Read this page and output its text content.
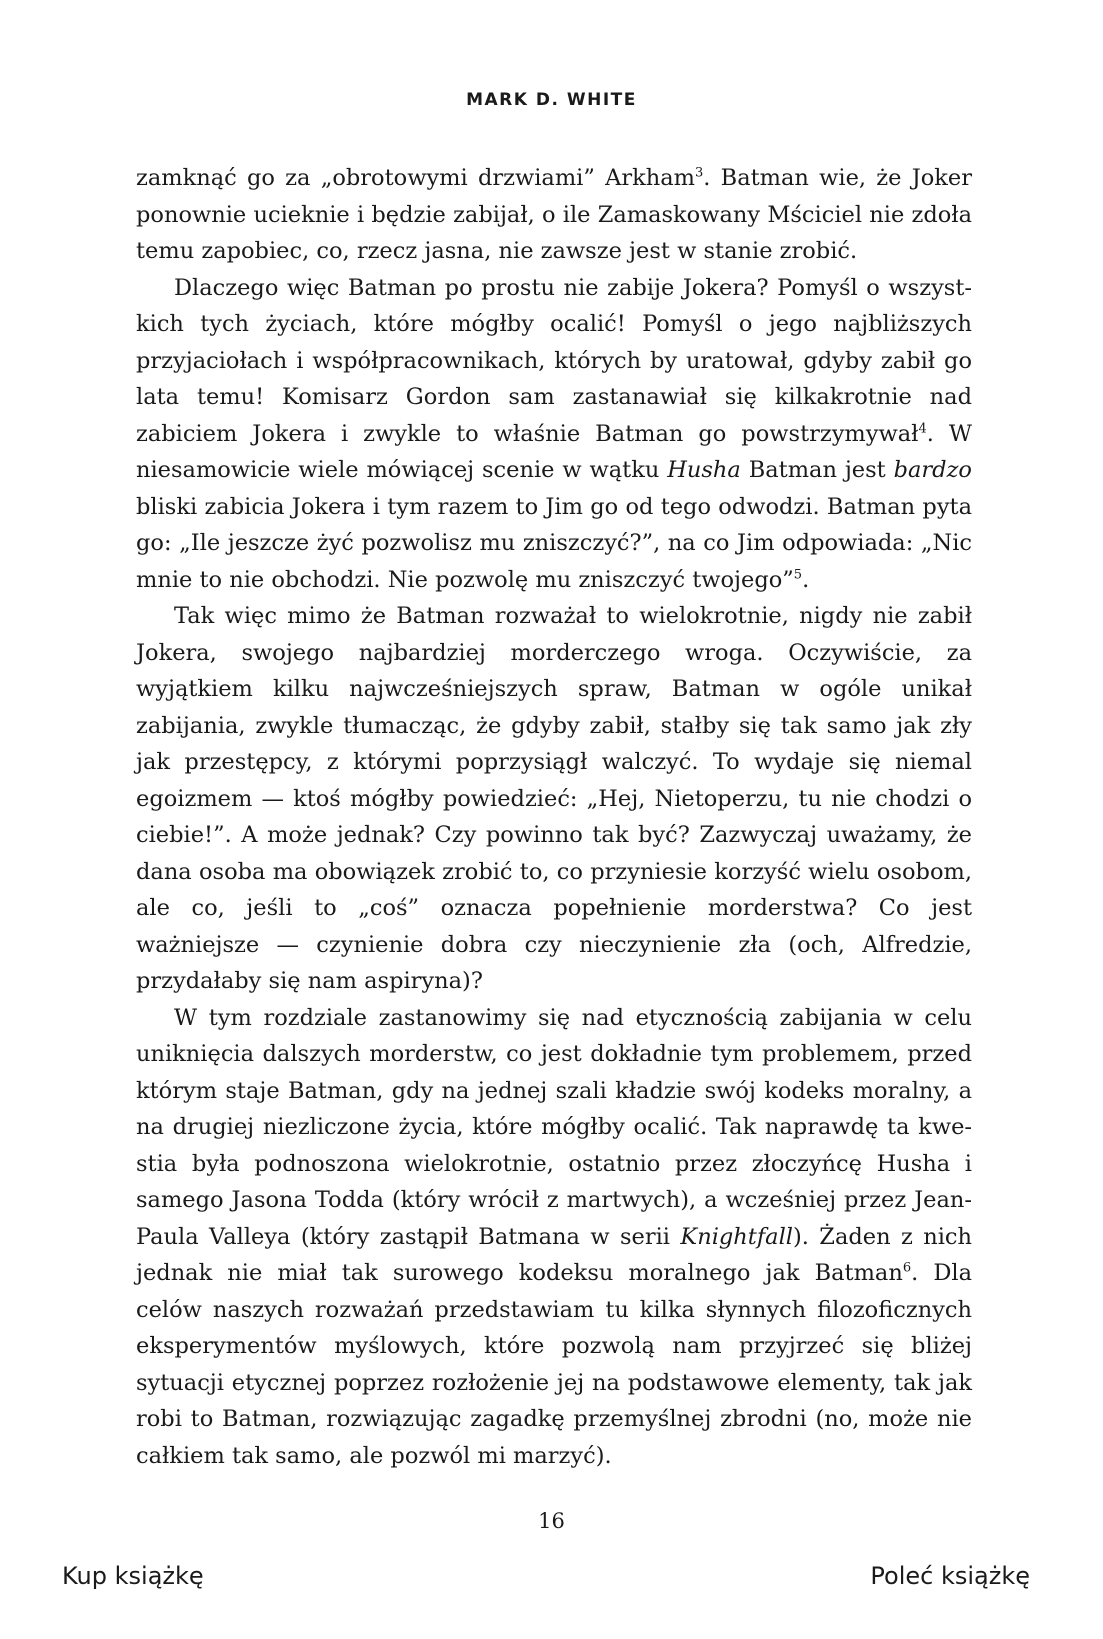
MARK D. WHITE

zamknąć go za „obrotowymi drzwiami” Arkham$^3$. Batman wie, że Joker ponownie ucieknie i będzie zabijał, o ile Zamaskowany Mściciel nie zdoła temu zapobiec, co, rzecz jasna, nie zawsze jest w stanie zrobić.

Dlaczego więc Batman po prostu nie zabije Jokera? Pomyśl o wszystkich tych życiach, które mógłby ocalić! Pomyśl o jego najbliższych przyjaciołach i współpracownikach, których by uratował, gdyby zabił go lata temu! Komisarz Gordon sam zastanawiał się kilkakrotnie nad zabiciem Jokera i zwykle to właśnie Batman go powstrzymywał$^4$. W niesamowicie wiele mówiącej scenie w wątku Husha Batman jest bardzo bliski zabicia Jokera i tym razem to Jim go od tego odwodzi. Batman pyta go: „Ile jeszcze żyć pozwolisz mu zniszczyć?”, na co Jim odpowiada: „Nic mnie to nie obchodzi. Nie pozwolę mu zniszczyć twojego”$^5$.

Tak więc mimo że Batman rozważał to wielokrotnie, nigdy nie zabił Jokera, swojego najbardziej morderczego wroga. Oczywiście, za wyjątkiem kilku najwcześniejszych spraw, Batman w ogóle unikał zabijania, zwykle tłumacząc, że gdyby zabił, stałby się tak samo jak zły jak przestępcy, z którymi poprzysiągł walczyć. To wydaje się niemal egoizmem — ktoś mógłby powiedzieć: „Hej, Nietoperzu, tu nie chodzi o ciebie!”. A może jednak? Czy powinno tak być? Zazwyczaj uważamy, że dana osoba ma obowiązek zrobić to, co przyniesie korzyść wielu osobom, ale co, jeśli to „coś” oznacza popełnienie morderstwa? Co jest ważniejsze — czynienie dobra czy nieczynienie zła (och, Alfredzie, przydałaby się nam aspiryna)?

W tym rozdziale zastanowimy się nad etycznością zabijania w celu uniknięcia dalszych morderstw, co jest dokładnie tym problemem, przed którym staje Batman, gdy na jednej szali kładzie swój kodeks moralny, a na drugiej niezliczone życia, które mógłby ocalić. Tak naprawdę ta kwestia była podnoszona wielokrotnie, ostatnio przez złoczyńcę Husha i samego Jasona Todda (który wrócił z martwych), a wcześniej przez Jean-Paula Valleya (który zastąpił Batmana w serii Knightfall). Żaden z nich jednak nie miał tak surowego kodeksu moralnego jak Batman$^6$. Dla celów naszych rozważań przedstawiam tu kilka słynnych filozoficznych eksperymentów myślowych, które pozwolą nam przyjrzeć się bliżej sytuacji etycznej poprzez rozłożenie jej na podstawowe elementy, tak jak robi to Batman, rozwiązując zagadkę przemyślnej zbrodni (no, może nie całkiem tak samo, ale pozwól mi marzyć).

16
Kup książkę	Poleć książkę
